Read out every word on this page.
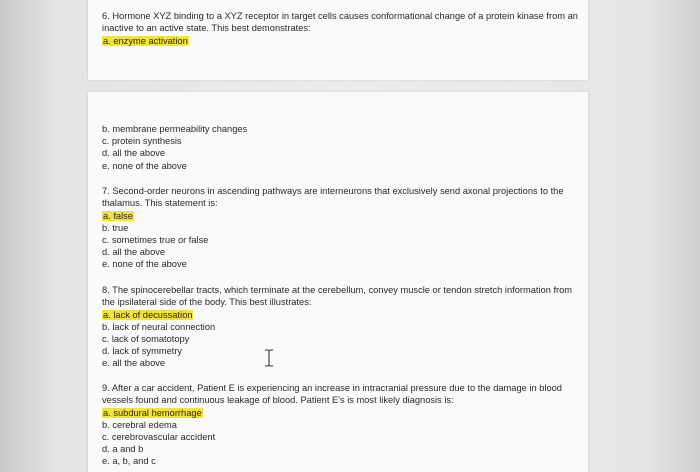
6. Hormone XYZ binding to a XYZ receptor in target cells causes conformational change of a protein kinase from an inactive to an active state. This best demonstrates:

a. enzyme activation
b. membrane permeability changes
c. protein synthesis
d. all the above
e. none of the above

7. Second-order neurons in ascending pathways are interneurons that exclusively send axonal projections to the thalamus. This statement is:

a. false
b. true
c. sometimes true or false
d. all the above
e. none of the above

8. The spinocerebellar tracts, which terminate at the cerebellum, convey muscle or tendon stretch information from the ipsilateral side of the body. This best illustrates:

a. lack of decussation
b. lack of neural connection
c. lack of somatotopy
d. lack of symmetry
e. all the above

9. After a car accident, Patient E is experiencing an increase in intracranial pressure due to the damage in blood vessels found and continuous leakage of blood. Patient E's is most likely diagnosis is:

a. subdural hemorrhage
b. cerebral edema
c. cerebrovascular accident
d. a and b
e. a, b, and c
